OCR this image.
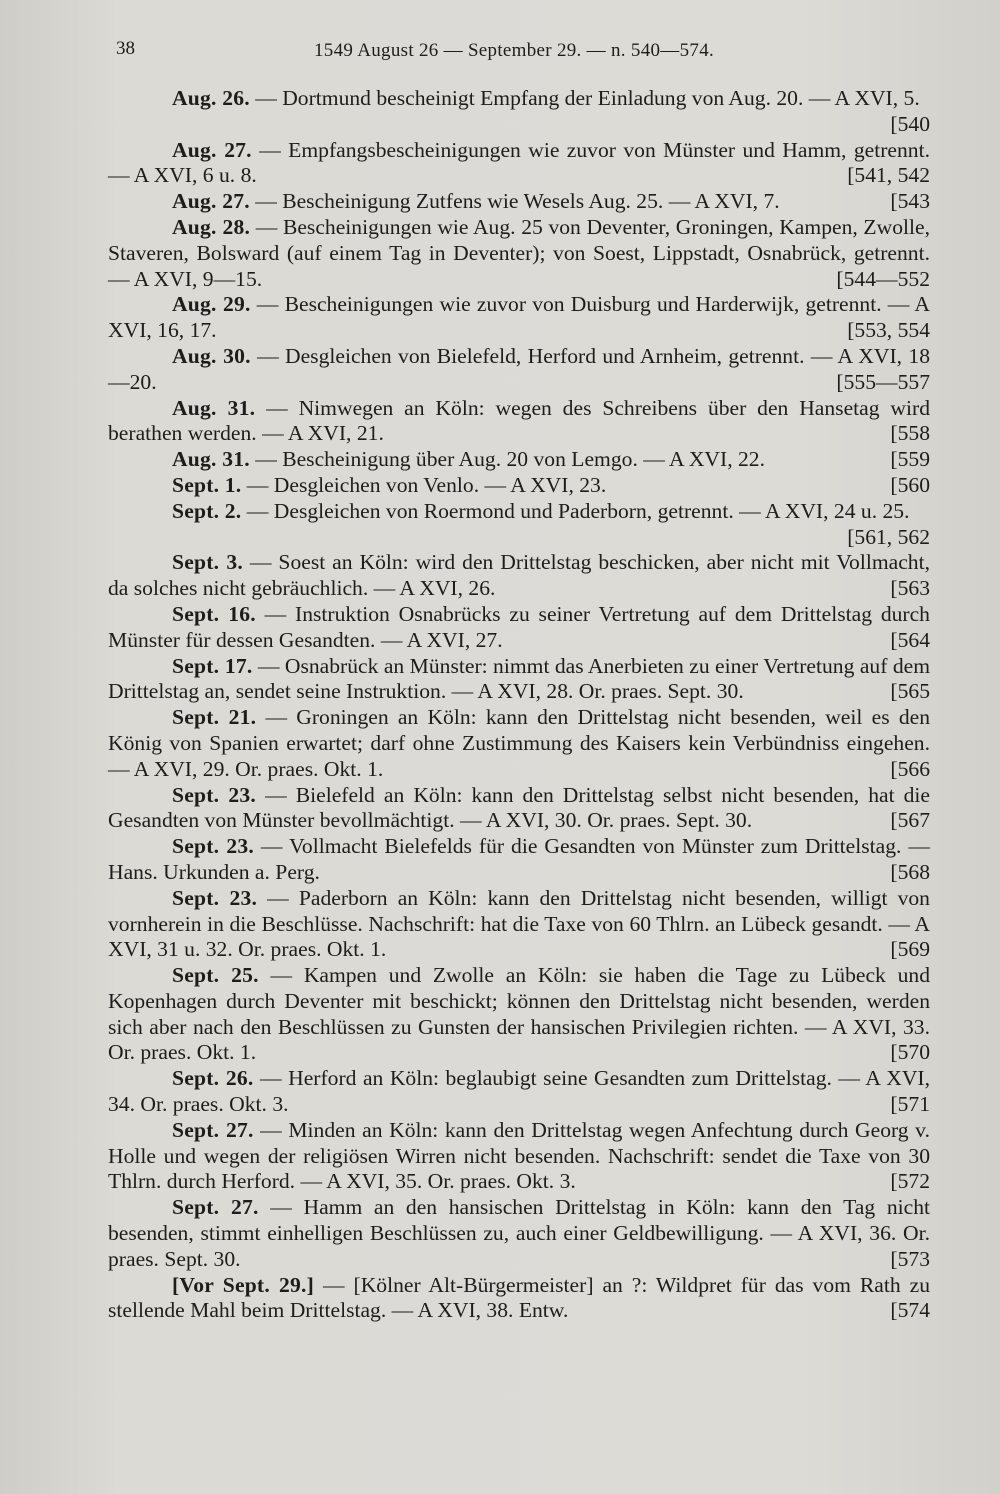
38	1549 August 26 — September 29. — n. 540—574.

Aug. 26. — Dortmund bescheinigt Empfang der Einladung von Aug. 20. — A XVI, 5.
[540

Aug. 27. — Empfangsbescheinigungen wie zuvor von Münster und Hamm, getrennt. — A XVI, 6 u. 8.	[541, 542

Aug. 27. — Bescheinigung Zutfens wie Wesels Aug. 25. — A XVI, 7.	[543

Aug. 28. — Bescheinigungen wie Aug. 25 von Deventer, Groningen, Kampen, Zwolle, Staveren, Bolsward (auf einem Tag in Deventer); von Soest, Lippstadt, Osnabrück, getrennt. — A XVI, 9—15.	[544—552

Aug. 29. — Bescheinigungen wie zuvor von Duisburg und Harderwijk, getrennt. — A XVI, 16, 17.	[553, 554

Aug. 30. — Desgleichen von Bielefeld, Herford und Arnheim, getrennt. — A XVI, 18—20.	[555—557

Aug. 31. — Nimwegen an Köln: wegen des Schreibens über den Hansetag wird berathen werden. — A XVI, 21.	[558

Aug. 31. — Bescheinigung über Aug. 20 von Lemgo. — A XVI, 22.	[559

Sept. 1. — Desgleichen von Venlo. — A XVI, 23.	[560

Sept. 2. — Desgleichen von Roermond und Paderborn, getrennt. — A XVI, 24 u. 25.
[561, 562

Sept. 3. — Soest an Köln: wird den Drittelstag beschicken, aber nicht mit Vollmacht, da solches nicht gebräuchlich. — A XVI, 26.	[563

Sept. 16. — Instruktion Osnabrücks zu seiner Vertretung auf dem Drittelstag durch Münster für dessen Gesandten. — A XVI, 27.	[564

Sept. 17. — Osnabrück an Münster: nimmt das Anerbieten zu einer Vertretung auf dem Drittelstag an, sendet seine Instruktion. — A XVI, 28. Or. praes. Sept. 30.	[565

Sept. 21. — Groningen an Köln: kann den Drittelstag nicht besenden, weil es den König von Spanien erwartet; darf ohne Zustimmung des Kaisers kein Verbündniss eingehen. — A XVI, 29. Or. praes. Okt. 1.	[566

Sept. 23. — Bielefeld an Köln: kann den Drittelstag selbst nicht besenden, hat die Gesandten von Münster bevollmächtigt. — A XVI, 30. Or. praes. Sept. 30.	[567

Sept. 23. — Vollmacht Bielefelds für die Gesandten von Münster zum Drittelstag. — Hans. Urkunden a. Perg.	[568

Sept. 23. — Paderborn an Köln: kann den Drittelstag nicht besenden, willigt von vornherein in die Beschlüsse. Nachschrift: hat die Taxe von 60 Thlrn. an Lübeck gesandt. — A XVI, 31 u. 32. Or. praes. Okt. 1.	[569

Sept. 25. — Kampen und Zwolle an Köln: sie haben die Tage zu Lübeck und Kopenhagen durch Deventer mit beschickt; können den Drittelstag nicht besenden, werden sich aber nach den Beschlüssen zu Gunsten der hansischen Privilegien richten. — A XVI, 33. Or. praes. Okt. 1.	[570

Sept. 26. — Herford an Köln: beglaubigt seine Gesandten zum Drittelstag. — A XVI, 34. Or. praes. Okt. 3.	[571

Sept. 27. — Minden an Köln: kann den Drittelstag wegen Anfechtung durch Georg v. Holle und wegen der religiösen Wirren nicht besenden. Nachschrift: sendet die Taxe von 30 Thlrn. durch Herford. — A XVI, 35. Or. praes. Okt. 3.	[572

Sept. 27. — Hamm an den hansischen Drittelstag in Köln: kann den Tag nicht besenden, stimmt einhelligen Beschlüssen zu, auch einer Geldbewilligung. — A XVI, 36. Or. praes. Sept. 30.	[573

[Vor Sept. 29.] — [Kölner Alt-Bürgermeister] an ?: Wildpret für das vom Rath zu stellende Mahl beim Drittelstag. — A XVI, 38. Entw.	[574
